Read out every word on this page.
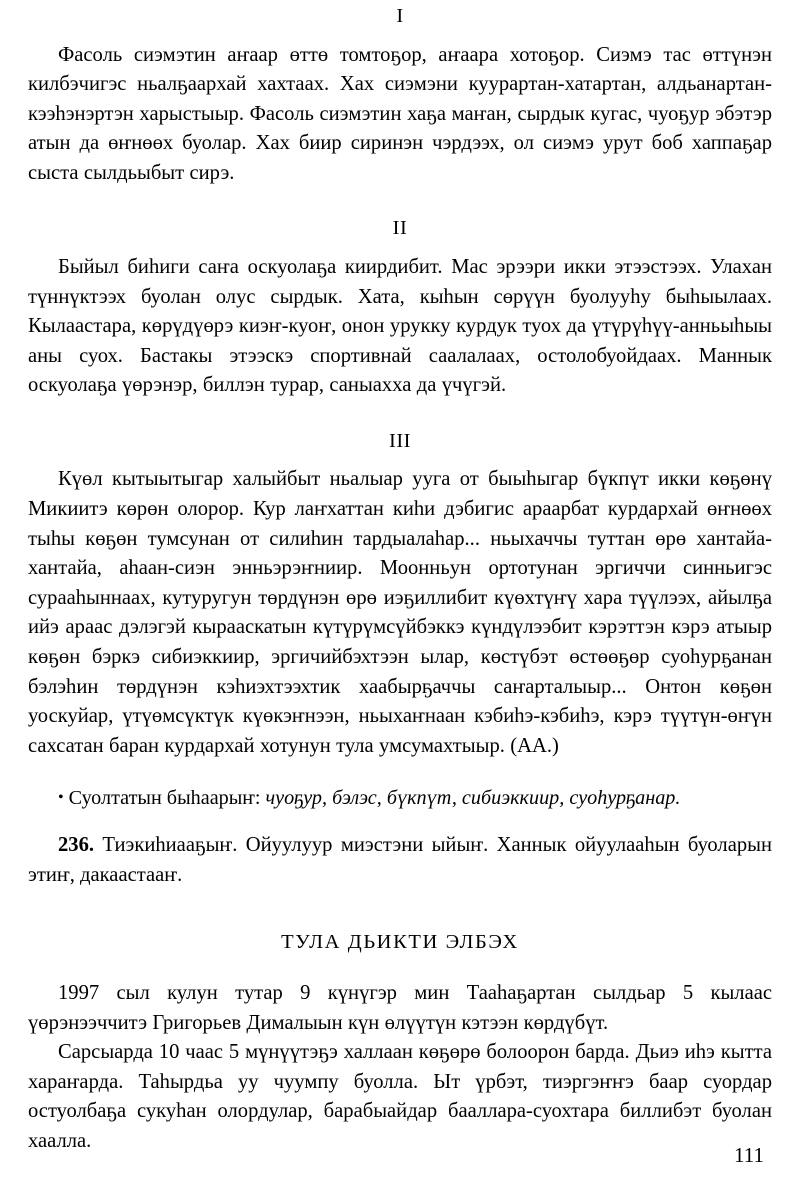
I

Фасоль сиэмэтин аҥаар өттө томтоҕор, аҥаара хотоҕор. Сиэмэ тас өттүнэн килбэчигэс ньалҕаархай хахтаах. Хах сиэмэни куурартан-хатартан, алдьанартан-кээһэнэртэн харыстыыр. Фасоль сиэмэтин хаҕа маҥан, сырдык кугас, чуоҕур эбэтэр атын да өҥнөөх буолар. Хах биир сиринэн чэрдээх, ол сиэмэ урут боб хаппаҕар сыста сылдьыбыт сирэ.

II

Быйыл биһиги саҥа оскуолаҕа киирдибит. Мас эрээри икки этээстээх. Улахан түннүктээх буолан олус сырдык. Хата, кыһын сөрүүн буолууһу быһыылаах. Кылаастара, көрүдүөрэ киэҥ-куоҥ, онон урукку курдук туох да үтүрүһүү-анньыһыы аны суох. Бастакы этээскэ спортивнай саалалаах, остолобуойдаах. Маннык оскуолаҕа үөрэнэр, биллэн турар, саныахха да үчүгэй.

III

Күөл кытыытыгар халыйбыт ньалыар ууга от быыһыгар бүкпүт икки көҕөнү Микиитэ көрөн олорор. Кур лаҥхаттан киһи дэбигис араарбат курдархай өҥнөөх тыһы көҕөн тумсунан от силиһин тардыалаһар... ньыхаччы туттан өрө хантайа-хантайа, аһаан-сиэн энньэрэҥниир. Моонньун ортотунан эргиччи синньигэс сураaһыннаах, кутуругун төрдүнэн өрө иэҕиллибит күөхтүҥү хара түүлээх, айылҕа ийэ араас дэлэгэй кырааскатын күтүрүмсүйбэккэ күндүлээбит кэрэттэн кэрэ атыыр көҕөн бэркэ сибиэккиир, эргичийбэхтээн ылар, көстүбэт өстөөҕөр суоһурҕанан бэлэһин төрдүнэн кэһиэхтээхтик хаабырҕаччы саҥарталыыр... Онтон көҕөн уоскуйар, үтүөмсүктүк күөкэҥнээн, ньыхаҥнаан кэбиһэ-кэбиһэ, кэрэ түүтүн-өҥүн сахсатан баран курдархай хотунун тула умсумахтыыр. (АА.)

• Суолтатын быһаарыҥ: чуоҕур, бэлэс, бүкпүт, сибиэккиир, суоһурҕанар.

236. Тиэкиһиааҕыҥ. Ойуулуур миэстэни ыйыҥ. Ханнык ойуулааһын буоларын этиҥ, дакаастааҥ.

ТУЛА ДЬИКТИ ЭЛБЭХ

1997 сыл кулун тутар 9 күнүгэр мин Тааһаҕартан сылдьар 5 кылаас үөрэнээччитэ Григорьев Димaлыын күн өлүүтүн кэтээн көрдүбүт.

Сарсыарда 10 чаас 5 мүнүүтэҕэ халлаан көҕөрө болоорон барда. Дьиэ иһэ кытта хараҥарда. Таһырдьа уу чуумпу буолла. Ыт үрбэт, тиэргэҥҥэ баар суордар остуолбаҕа сукуһан олордулар, барабыайдар бааллара-суохтара биллибэт буолан хаалла.

111
